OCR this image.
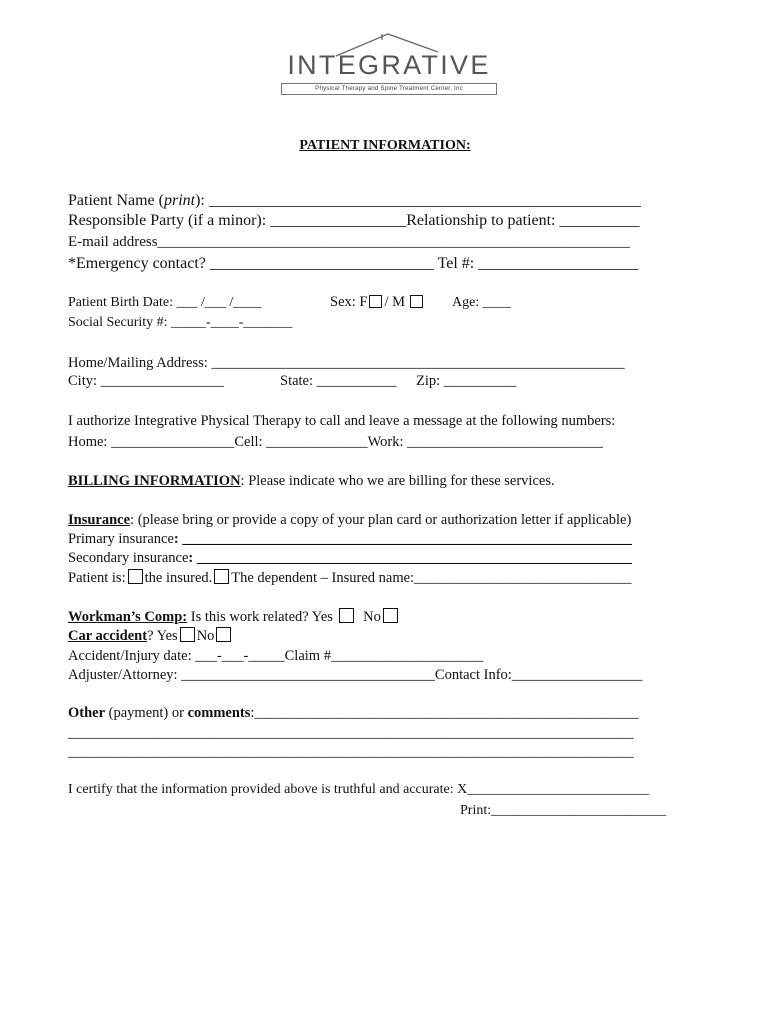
INTEGRATIVE
Physical Therapy and Spine Treatment Center, Inc
PATIENT INFORMATION:
Patient Name (print): ______________________________________________________
Responsible Party (if a minor): _________________Relationship to patient: __________
E-mail address_______________________________________________________________
*Emergency contact? ____________________________ Tel #: ____________________
Patient Birth Date: ___ /___ /____	Sex: F / M	Age: ____
Social Security #: _____-____-_______
Home/Mailing Address: _________________________________________________________
City: _________________	State: ___________ Zip: __________
I authorize Integrative Physical Therapy to call and leave a message at the following numbers:
Home: _________________Cell: ______________Work: ___________________________
BILLING INFORMATION: Please indicate who we are billing for these services.
Insurance: (please bring or provide a copy of your plan card or authorization letter if applicable)
Primary insurance: ______________________________________________________________
Secondary insurance: ____________________________________________________________
Patient is: the insured. The dependent – Insured name:______________________________
Workman’s Comp: Is this work related? Yes No
Car accident? Yes No
Accident/Injury date: ___-___-_____Claim #_____________________
Adjuster/Attorney: ___________________________________Contact Info:__________________
Other (payment) or comments:_____________________________________________________
______________________________________________________________________________
______________________________________________________________________________
I certify that the information provided above is truthful and accurate: X__________________________
Print:_________________________
